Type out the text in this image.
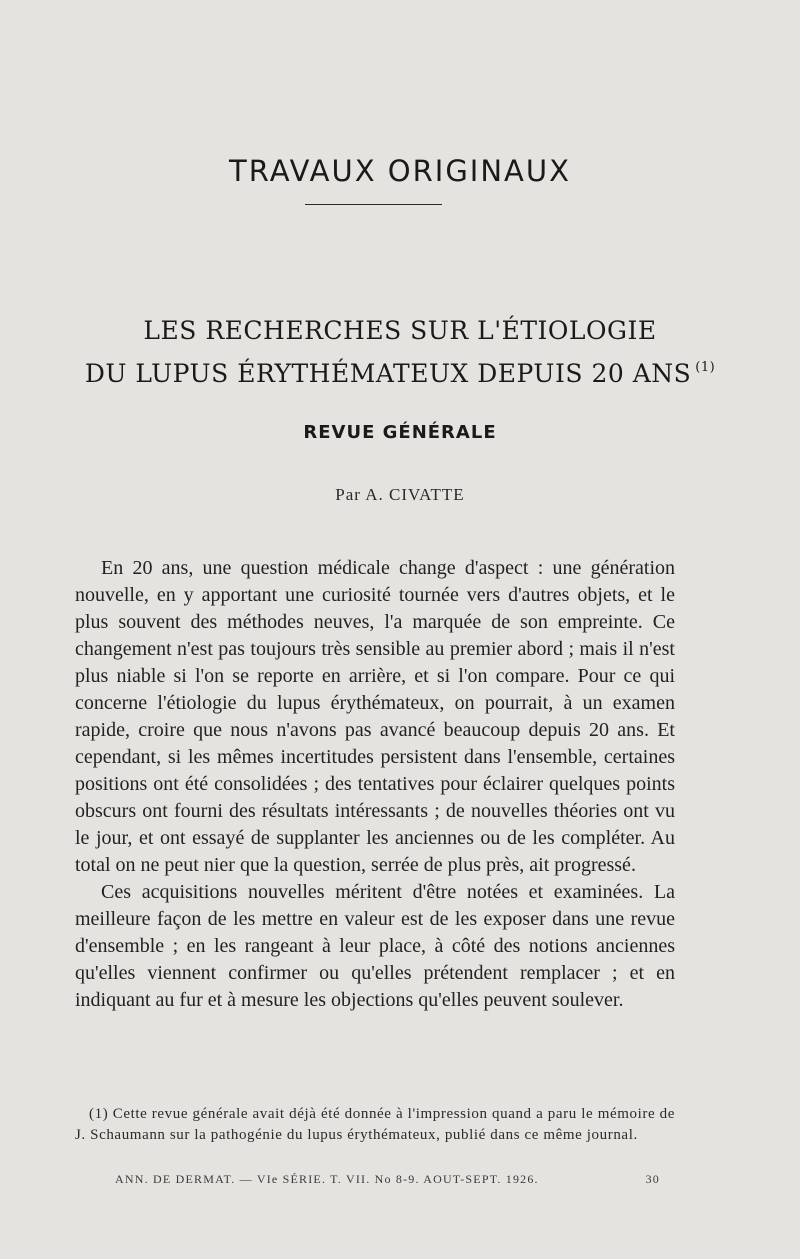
TRAVAUX ORIGINAUX
LES RECHERCHES SUR L'ÉTIOLOGIE
DU LUPUS ÉRYTHÉMATEUX DEPUIS 20 ANS $^{(1)}$
REVUE GÉNÉRALE
Par A. CIVATTE

En 20 ans, une question médicale change d'aspect : une génération nouvelle, en y apportant une curiosité tournée vers d'autres objets, et le plus souvent des méthodes neuves, l'a marquée de son empreinte. Ce changement n'est pas toujours très sensible au premier abord ; mais il n'est plus niable si l'on se reporte en arrière, et si l'on compare. Pour ce qui concerne l'étiologie du lupus érythémateux, on pourrait, à un examen rapide, croire que nous n'avons pas avancé beaucoup depuis 20 ans. Et cependant, si les mêmes incertitudes persistent dans l'ensemble, certaines positions ont été consolidées ; des tentatives pour éclairer quelques points obscurs ont fourni des résultats intéressants ; de nouvelles théories ont vu le jour, et ont essayé de supplanter les anciennes ou de les compléter. Au total on ne peut nier que la question, serrée de plus près, ait progressé.

Ces acquisitions nouvelles méritent d'être notées et examinées. La meilleure façon de les mettre en valeur est de les exposer dans une revue d'ensemble ; en les rangeant à leur place, à côté des notions anciennes qu'elles viennent confirmer ou qu'elles prétendent remplacer ; et en indiquant au fur et à mesure les objections qu'elles peuvent soulever.

(1) Cette revue générale avait déjà été donnée à l'impression quand a paru le mémoire de J. Schaumann sur la pathogénie du lupus érythémateux, publié dans ce même journal.

ANN. DE DERMAT. — VIe SÉRIE. T. VII. No 8-9. AOUT-SEPT. 1926.	30
